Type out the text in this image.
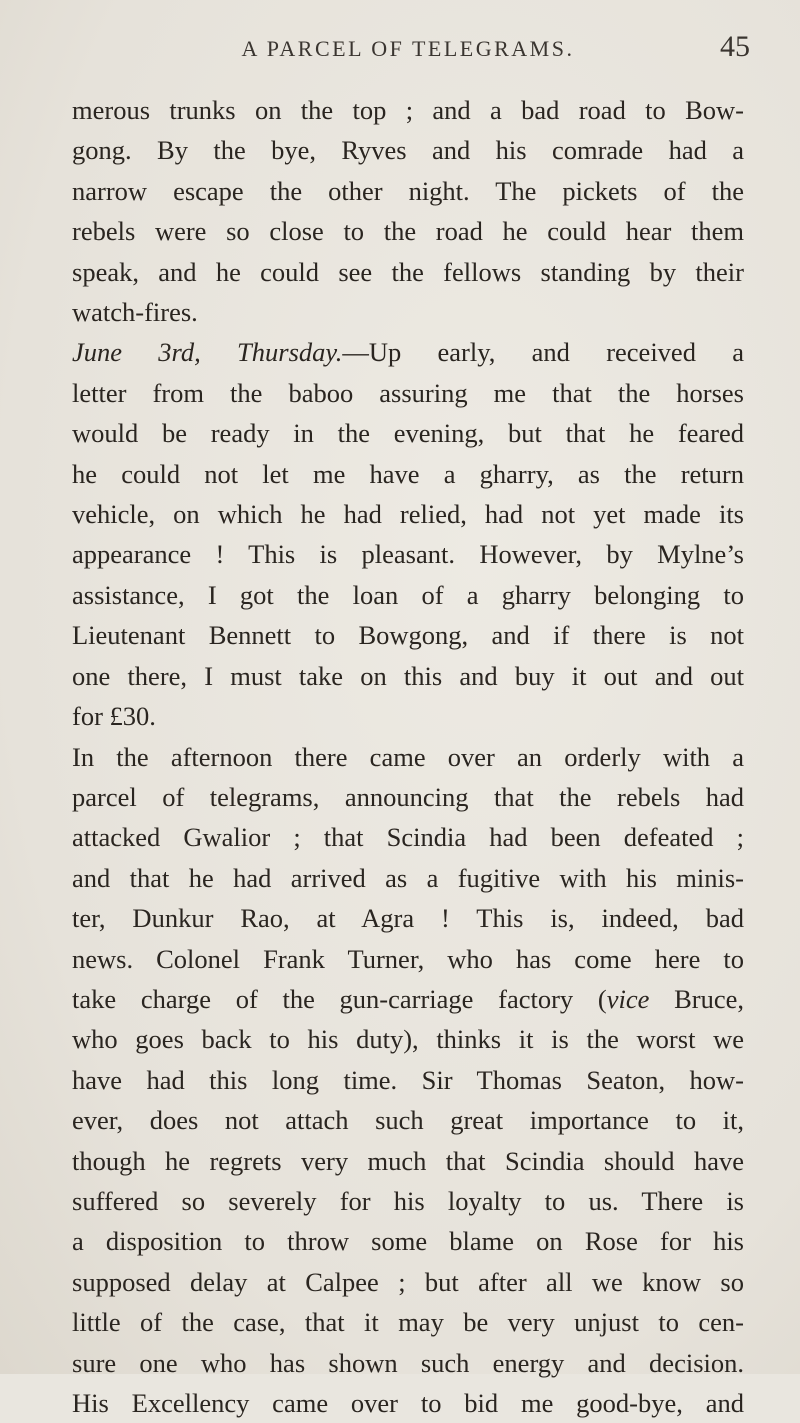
A PARCEL OF TELEGRAMS.	45
merous trunks on the top ; and a bad road to Bow-
gong. By the bye, Ryves and his comrade had a
narrow escape the other night. The pickets of the
rebels were so close to the road he could hear them
speak, and he could see the fellows standing by their
watch-fires.
June 3rd, Thursday.—Up early, and received a
letter from the baboo assuring me that the horses
would be ready in the evening, but that he feared
he could not let me have a gharry, as the return
vehicle, on which he had relied, had not yet made its
appearance ! This is pleasant. However, by Mylne’s
assistance, I got the loan of a gharry belonging to
Lieutenant Bennett to Bowgong, and if there is not
one there, I must take on this and buy it out and out
for £30.
In the afternoon there came over an orderly with a
parcel of telegrams, announcing that the rebels had
attacked Gwalior ; that Scindia had been defeated ;
and that he had arrived as a fugitive with his minis-
ter, Dunkur Rao, at Agra ! This is, indeed, bad
news. Colonel Frank Turner, who has come here to
take charge of the gun-carriage factory (vice Bruce,
who goes back to his duty), thinks it is the worst we
have had this long time. Sir Thomas Seaton, how-
ever, does not attach such great importance to it,
though he regrets very much that Scindia should have
suffered so severely for his loyalty to us. There is
a disposition to throw some blame on Rose for his
supposed delay at Calpee ; but after all we know so
little of the case, that it may be very unjust to cen-
sure one who has shown such energy and decision.
His Excellency came over to bid me good-bye, and
